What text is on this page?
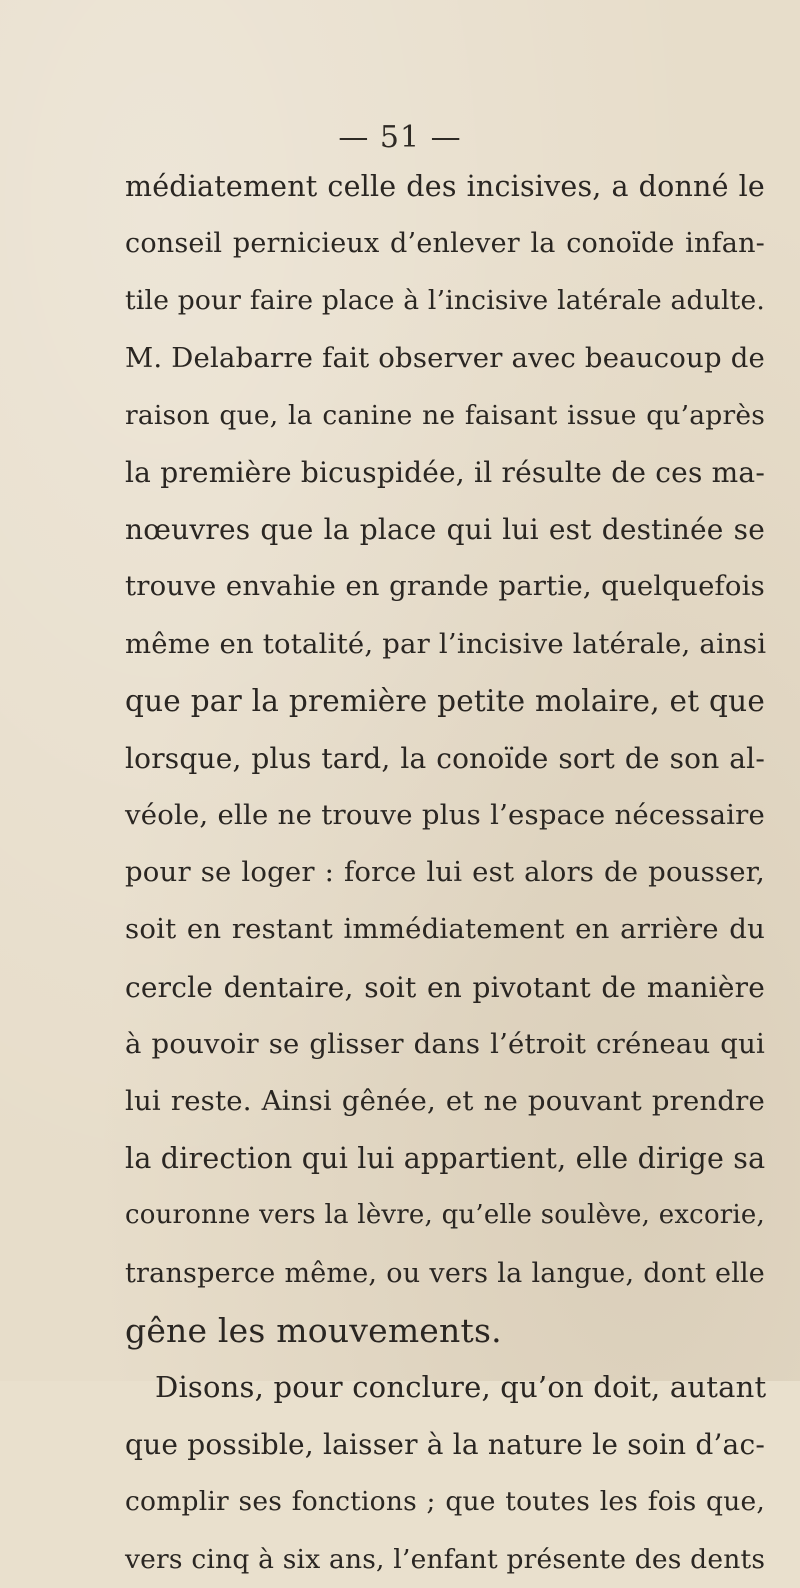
— 51 —
médiatement celle des incisives, a donné le
conseil pernicieux d’enlever la conoïde infan-
tile pour faire place à l’incisive latérale adulte.
M. Delabarre fait observer avec beaucoup de
raison que, la canine ne faisant issue qu’après
la première bicuspidée, il résulte de ces ma-
nœuvres que la place qui lui est destinée se
trouve envahie en grande partie, quelquefois
même en totalité, par l’incisive latérale, ainsi
que par la première petite molaire, et que
lorsque, plus tard, la conoïde sort de son al-
véole, elle ne trouve plus l’espace nécessaire
pour se loger : force lui est alors de pousser,
soit en restant immédiatement en arrière du
cercle dentaire, soit en pivotant de manière
à pouvoir se glisser dans l’étroit créneau qui
lui reste. Ainsi gênée, et ne pouvant prendre
la direction qui lui appartient, elle dirige sa
couronne vers la lèvre, qu’elle soulève, excorie,
transperce même, ou vers la langue, dont elle
gêne les mouvements.
Disons, pour conclure, qu’on doit, autant
que possible, laisser à la nature le soin d’ac-
complir ses fonctions ; que toutes les fois que,
vers cinq à six ans, l’enfant présente des dents
